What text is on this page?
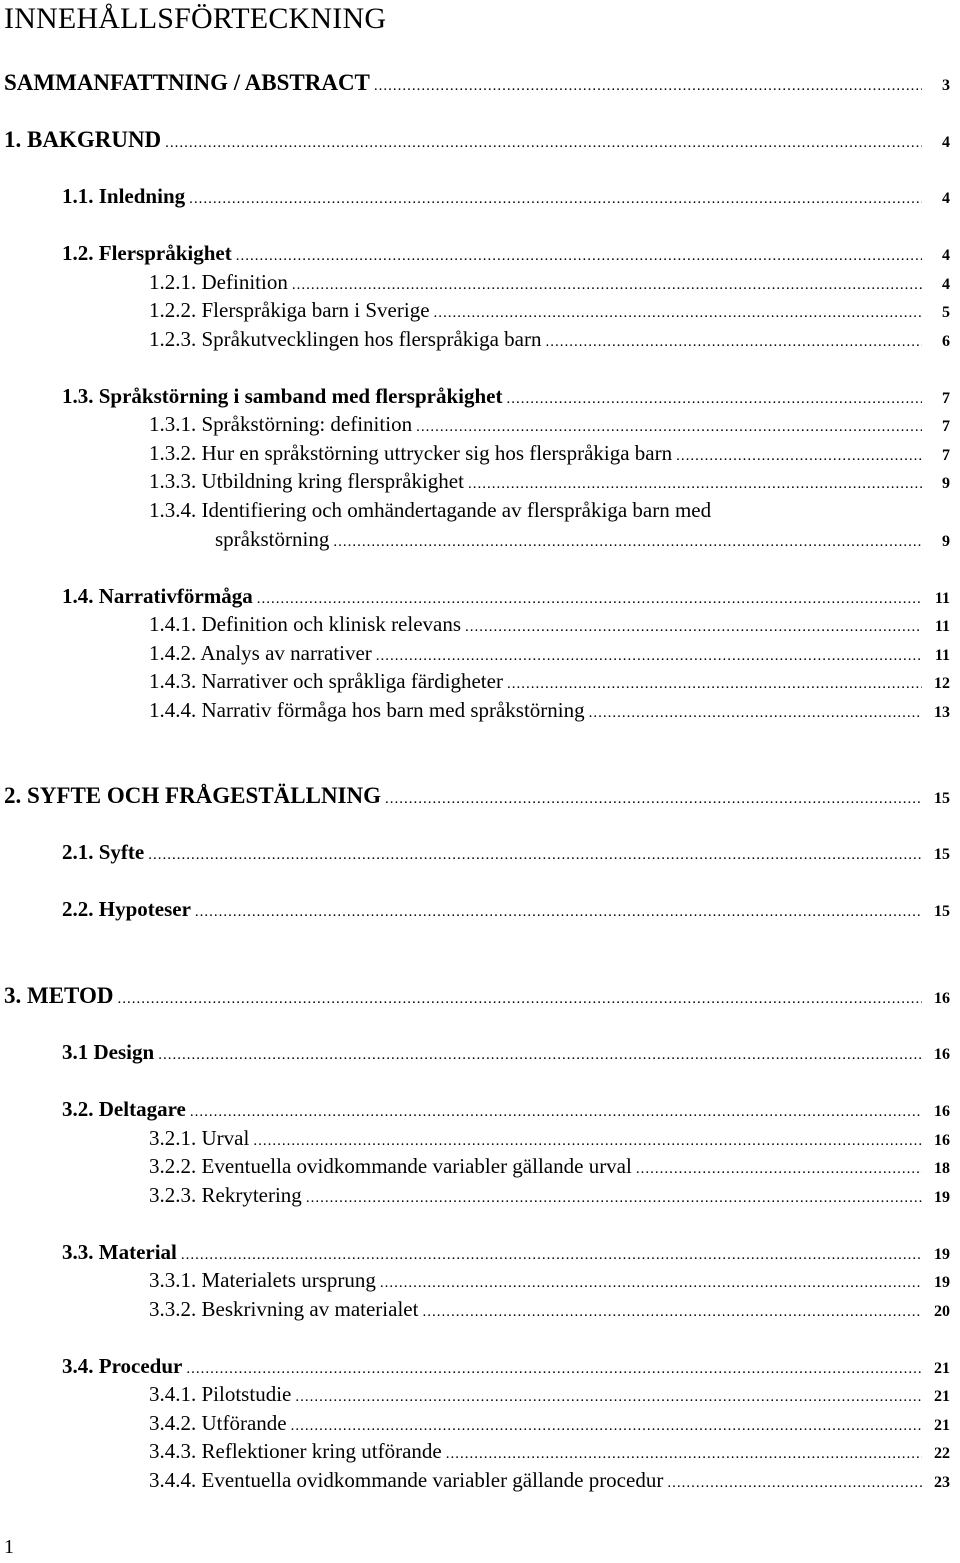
INNEHÅLLSFÖRTECKNING
SAMMANFATTNING / ABSTRACT .....	3
1. BAKGRUND .....	4
1.1. Inledning .....	4
1.2. Flerspråkighet .....	4
1.2.1. Definition .....	4
1.2.2. Flerspråkiga barn i Sverige .....	5
1.2.3. Språkutvecklingen hos flerspråkiga barn .....	6
1.3. Språkstörning i samband med flerspråkighet .....	7
1.3.1. Språkstörning: definition .....	7
1.3.2. Hur en språkstörning uttrycker sig hos flerspråkiga barn .....	7
1.3.3. Utbildning kring flerspråkighet .....	9
1.3.4. Identifiering och omhändertagande av flerspråkiga barn med
språkstörning .....	9
1.4. Narrativförmåga .....	11
1.4.1. Definition och klinisk relevans .....	11
1.4.2. Analys av narrativer .....	11
1.4.3. Narrativer och språkliga färdigheter .....	12
1.4.4. Narrativ förmåga hos barn med språkstörning .....	13
2. SYFTE OCH FRÅGESTÄLLNING .....	15
2.1. Syfte .....	15
2.2. Hypoteser .....	15
3. METOD .....	16
3.1 Design .....	16
3.2. Deltagare .....	16
3.2.1. Urval .....	16
3.2.2. Eventuella ovidkommande variabler gällande urval .....	18
3.2.3. Rekrytering .....	19
3.3. Material .....	19
3.3.1. Materialets ursprung .....	19
3.3.2. Beskrivning av materialet .....	20
3.4. Procedur .....	21
3.4.1. Pilotstudie .....	21
3.4.2. Utförande .....	21
3.4.3. Reflektioner kring utförande .....	22
3.4.4. Eventuella ovidkommande variabler gällande procedur .....	23
1
